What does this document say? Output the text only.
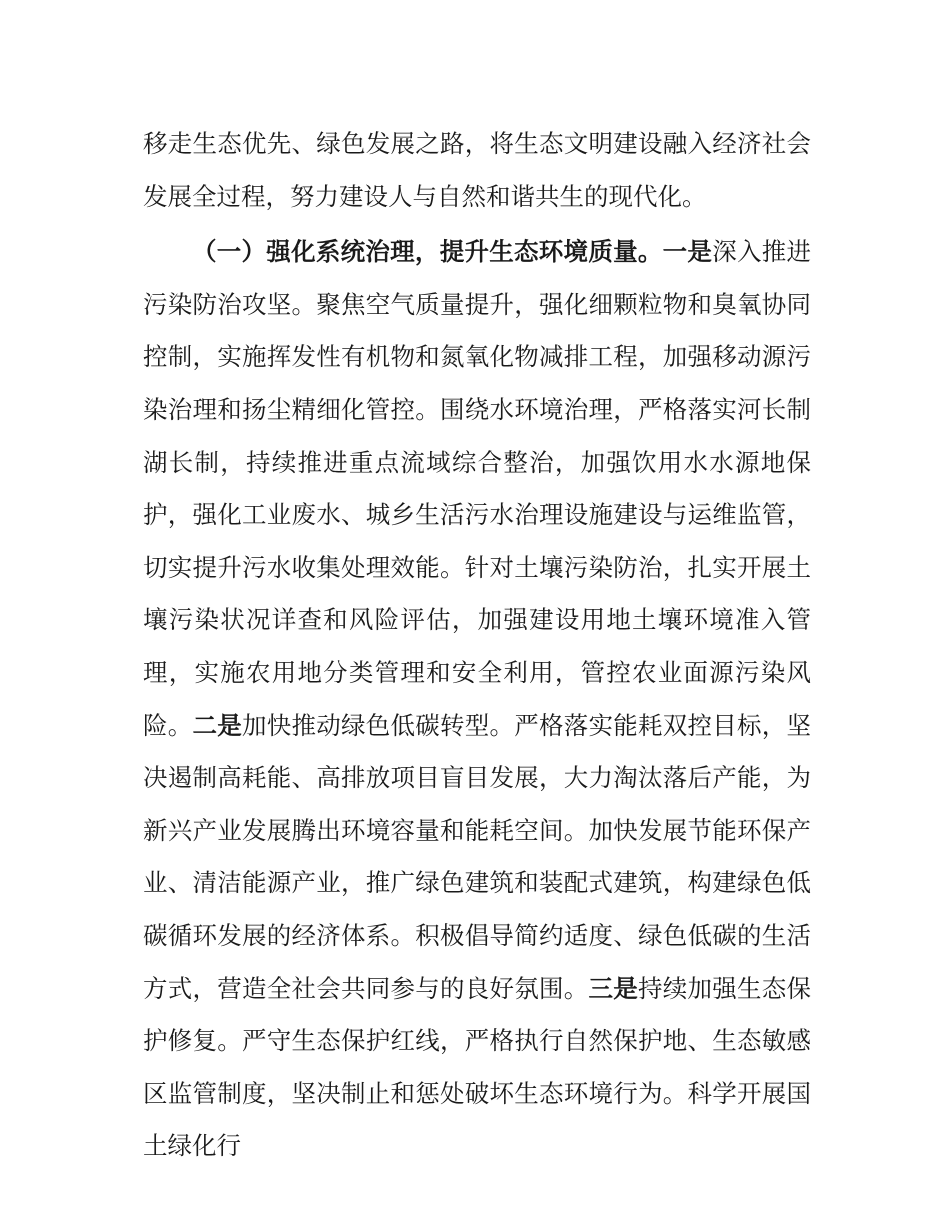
移走生态优先、绿色发展之路，将生态文明建设融入经济社会发展全过程，努力建设人与自然和谐共生的现代化。

（一）强化系统治理，提升生态环境质量。一是深入推进污染防治攻坚。聚焦空气质量提升，强化细颗粒物和臭氧协同控制，实施挥发性有机物和氮氧化物减排工程，加强移动源污染治理和扬尘精细化管控。围绕水环境治理，严格落实河长制湖长制，持续推进重点流域综合整治，加强饮用水水源地保护，强化工业废水、城乡生活污水治理设施建设与运维监管，切实提升污水收集处理效能。针对土壤污染防治，扎实开展土壤污染状况详查和风险评估，加强建设用地土壤环境准入管理，实施农用地分类管理和安全利用，管控农业面源污染风险。二是加快推动绿色低碳转型。严格落实能耗双控目标，坚决遏制高耗能、高排放项目盲目发展，大力淘汰落后产能，为新兴产业发展腾出环境容量和能耗空间。加快发展节能环保产业、清洁能源产业，推广绿色建筑和装配式建筑，构建绿色低碳循环发展的经济体系。积极倡导简约适度、绿色低碳的生活方式，营造全社会共同参与的良好氛围。三是持续加强生态保护修复。严守生态保护红线，严格执行自然保护地、生态敏感区监管制度，坚决制止和惩处破坏生态环境行为。科学开展国土绿化行
